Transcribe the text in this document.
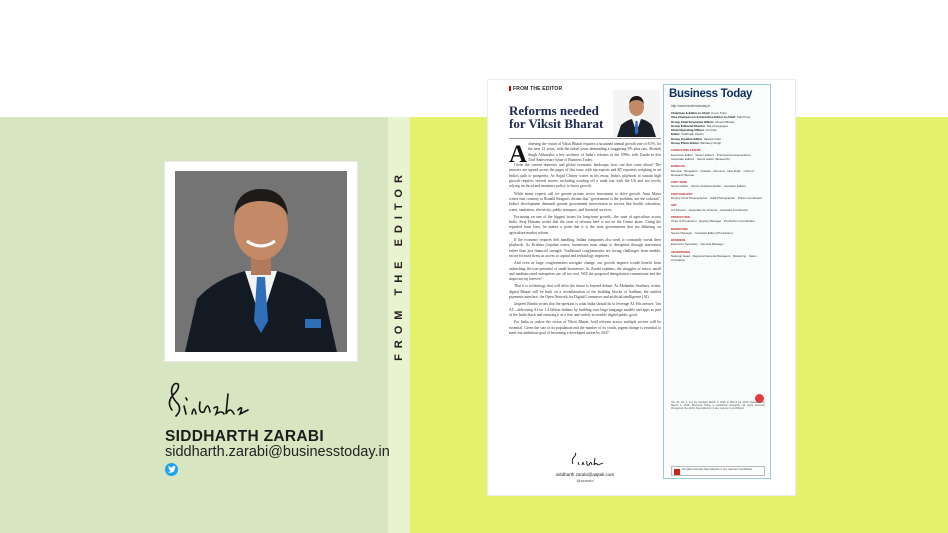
FROM THE EDITOR
SIDDHARTH ZARABI
siddharth.zarabi@businesstoday.in
FROM THE EDITOR
Reforms needed for Viksit Bharat
A chieving the vision of Viksit Bharat requires a sustained annual growth rate of 8.5% for the next 22 years, with the initial years demanding a staggering 9%-plus rate, Montek Singh Ahluwalia, a key architect of India's reforms in the 1990s, tells Zarabi in this 33rd Anniversary Issue of Business Today.

Given the current domestic and global economic landscape, how can that come about? The answers are spread across the pages of this issue with top experts and BT reporters weighing in on India's path to prosperity. As Sajjid Chinoy writes in his essay, India's playbook to sustain high growth requires several moves, including warding off a trade war with the US and not overly relying on fiscal and monetary policy to boost growth.

While many experts call for greater private sector investment to drive growth, Arun Maira writes that contrary to Ronald Reagan's dictum that "government is the problem, not the solution", India's development demands greater government intervention in sectors like health, education, water, sanitation, electricity, public transport, and financial services.

Focussing on one of the biggest issues for long-term growth—the state of agriculture across India, Siraj Hussain writes that the onus of reforms here is not on the Centre alone. Citing the repealed farm laws, he makes a point that it is the state governments that are dithering on agriculture market reform.

If the economy requires deft handling, Indian companies also need to constantly tweak their playbook. As Krishna Gopalan writes, businesses must adapt to disruption through innovation rather than just financial strength. Traditional conglomerates are facing challenges from nimble, sector-focused firms as access to capital and technology improves.

And even as large conglomerates navigate change, our growth engines would benefit from unleashing the true potential of small businesses. As Zarabi explains, the struggles of micro, small and medium-sized enterprises are all too real. Will the proposed deregulation commission end the inspector-raj forever?

That it is technology that will drive the future is beyond debate. As Mohanbir Sawhney writes, digital Bharat will be built on a recombination of the building blocks of Aadhaar, the unified payments interface, the Open Network for Digital Commerce and artificial intelligence (AI).

Jaspreet Bindra writes that the question is what India should do to leverage AI. His answer: 'Jan AI'—delivering AI for 1.4 billion Indians by building own large language models and apps as part of the India Stack and ensuring it as a free and widely accessible digital public good.

For India to realise the vision of Viksit Bharat, bold reforms across multiple sectors will be essential. Given the size of its population and the number of its youth, urgent change is essential to meet our ambitious goal of becoming a developed nation by 2047.

siddharth.zarabi@aajtak.com
@szarabi
Business Today
http://www.businesstoday.in
Chairman & Editor-in-Chief: Aroon Purie
Vice Chairperson & Executive Editor-in-Chief: Kalli Purie
Group Chief Executive Officer: Dinesh Bhatia
Group Editorial Director: Raj Chengappa
Chief Operating Officer: Anil Nair
Editor: Siddharth Zarabi
Group Creative Editor: Nilanjan Das
Group Photo Editor: Bandeep Singh
CONSULTING EDITOR
Executive Editor · Senior Editors · Principal Correspondents · Associate Editors · Senior Editor (Research)
BUREAUS
Mumbai · Bengaluru · Kolkata · Chennai · New Delhi · Chief of Research Bureau
COPY DESK
Senior Editor · Senior Assistant Editor · Assistant Editors
PHOTOGRAPHY
Deputy Chief Photographer · Staff Photographer · Photo Coordinator
ART
Art Director · Associate Art Director · Assistant Art Director
PRODUCTION
Chief of Production · Deputy Manager · Production Coordinator
MARKETING
Senior Manager · Assistant Editor (Production)
BUSINESS
Executive Secretary · General Manager
ADVERTISING
National Head · Regional General Managers · Marketing · Sales · Circulation
Vol. 34, No. 4. For the fortnight March 2, 2025 to March 15, 2025. Released on March 2, 2025. Business Today is published fortnightly. All rights reserved throughout the world. Reproduction in any manner is prohibited.
All rights reserved. Reproduction in any manner is prohibited.
